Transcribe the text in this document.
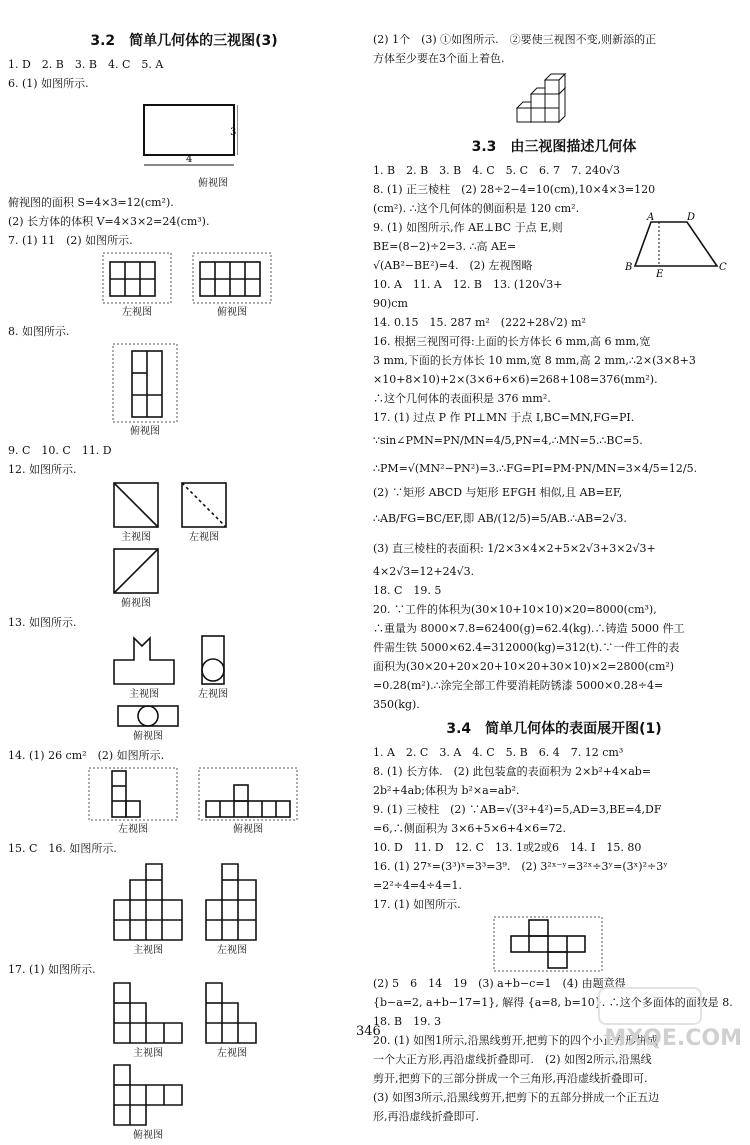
3.2　简单几何体的三视图(3)
1. D　2. B　3. B　4. C　5. A
6. (1) 如图所示.
3
4
俯视图
俯视图的面积 S=4×3=12(cm²).
(2) 长方体的体积 V=4×3×2=24(cm³).
7. (1) 11　(2) 如图所示.
左视图	俯视图
8. 如图所示.
俯视图
9. C　10. C　11. D
12. 如图所示.
主视图	左视图
俯视图
13. 如图所示.
主视图	左视图
俯视图
14. (1) 26 cm²　(2) 如图所示.
左视图	俯视图
15. C　16. 如图所示.
主视图	左视图
17. (1) 如图所示.
主视图	左视图
俯视图
(2) 1个　(3) ①如图所示.　②要使三视图不变,则新添的正
方体至少要在3个面上着色.
3.3　由三视图描述几何体
1. B　2. B　3. B　4. C　5. C　6. 7　7. 240√3
8. (1) 正三棱柱　(2) 28÷2−4=10(cm),10×4×3=120
(cm²). ∴这个几何体的侧面积是 120 cm².
9. (1) 如图所示,作 AE⊥BC 于点 E,则
BE=(8−2)÷2=3. ∴高 AE=
√(AB²−BE²)=4.　(2) 左视图略
10. A　11. A　12. B　13. (120√3+
90)cm
A	D
B	C
E
14. 0.15　15. 287 m²　(222+28√2) m²
16. 根据三视图可得:上面的长方体长 6 mm,高 6 mm,宽
3 mm,下面的长方体长 10 mm,宽 8 mm,高 2 mm,∴2×(3×8+3
×10+8×10)+2×(3×6+6×6)=268+108=376(mm²).
∴这个几何体的表面积是 376 mm².
17. (1) 过点 P 作 PI⊥MN 于点 I,BC=MN,FG=PI.
∵sin∠PMN=PN/MN=4/5,PN=4,∴MN=5.∴BC=5.
∴PM=√(MN²−PN²)=3.∴FG=PI=PM·PN/MN=3×4/5=12/5.
(2) ∵矩形 ABCD 与矩形 EFGH 相似,且 AB=EF,
∴AB/FG=BC/EF,即 AB/(12/5)=5/AB.∴AB=2√3.
(3) 直三棱柱的表面积: 1/2×3×4×2+5×2√3+3×2√3+
4×2√3=12+24√3.
18. C　19. 5
20. ∵工件的体积为(30×10+10×10)×20=8000(cm³),
∴重量为 8000×7.8=62400(g)=62.4(kg).∴铸造 5000 件工
件需生铁 5000×62.4=312000(kg)=312(t).∵一件工件的表
面积为(30×20+20×20+10×20+30×10)×2=2800(cm²)
=0.28(m²).∴涂完全部工件要消耗防锈漆 5000×0.28÷4=
350(kg).
3.4　简单几何体的表面展开图(1)
1. A　2. C　3. A　4. C　5. B　6. 4　7. 12 cm³
8. (1) 长方体.　(2) 此包装盒的表面积为 2×b²+4×ab=
2b²+4ab;体积为 b²×a=ab².
9. (1) 三棱柱　(2) ∵AB=√(3²+4²)=5,AD=3,BE=4,DF
=6,∴侧面积为 3×6+5×6+4×6=72.
10. D　11. D　12. C　13. 1或2或6　14. I　15. 80
16. (1) 27ˣ=(3³)ˣ=3³=3⁹.　(2) 3²ˣ⁻ʸ=3²ˣ÷3ʸ=(3ˣ)²÷3ʸ
=2²÷4=4÷4=1.
17. (1) 如图所示.
(2) 5　6　14　19　(3) a+b−c=1　(4) 由题意得
{b−a=2, a+b−17=1}, 解得 {a=8, b=10}. ∴这个多面体的面数是 8.
18. B　19. 3
20. (1) 如图1所示,沿黑线剪开,把剪下的四个小正方形拼成
一个大正方形,再沿虚线折叠即可.　(2) 如图2所示,沿黑线
剪开,把剪下的三部分拼成一个三角形,再沿虚线折叠即可.
(3) 如图3所示,沿黑线剪开,把剪下的五部分拼成一个正五边
形,再沿虚线折叠即可.
346	MXQE.COM
